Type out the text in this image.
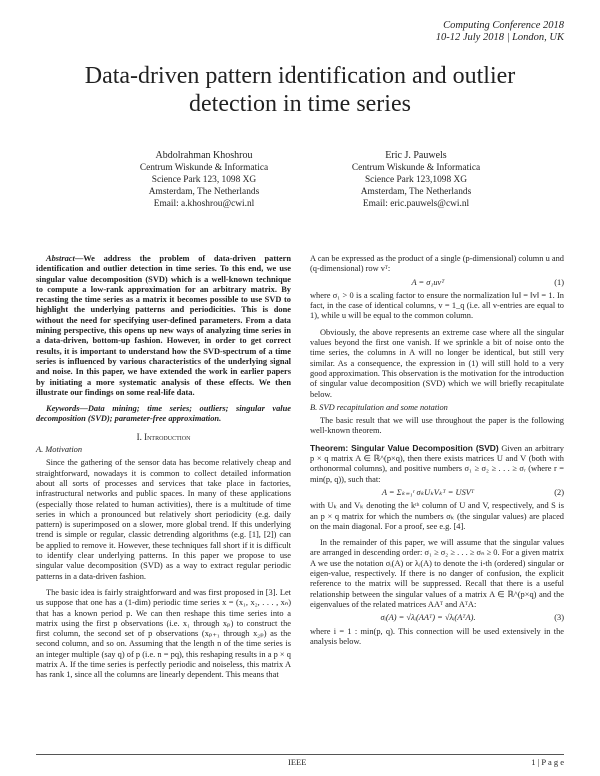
Computing Conference 2018
10-12 July 2018 | London, UK
Data-driven pattern identification and outlier
detection in time series
Abdolrahman Khoshrou
Centrum Wiskunde & Informatica
Science Park 123, 1098 XG
Amsterdam, The Netherlands
Email: a.khoshrou@cwi.nl
Eric J. Pauwels
Centrum Wiskunde & Informatica
Science Park 123,1098 XG
Amsterdam, The Netherlands
Email: eric.pauwels@cwi.nl

Abstract—We address the problem of data-driven pattern identification and outlier detection in time series. To this end, we use singular value decomposition (SVD) which is a well-known technique to compute a low-rank approximation for an arbitrary matrix. By recasting the time series as a matrix it becomes possible to use SVD to highlight the underlying patterns and periodicities. This is done without the need for specifying user-defined parameters. From a data mining perspective, this opens up new ways of analyzing time series in a data-driven, bottom-up fashion. However, in order to get correct results, it is important to understand how the SVD-spectrum of a time series is influenced by various characteristics of the underlying signal and noise. In this paper, we have extended the work in earlier papers by initiating a more systematic analysis of these effects. We then illustrate our findings on some real-life data.

Keywords—Data mining; time series; outliers; singular value decomposition (SVD); parameter-free approximation.

I. Introduction

A. Motivation

Since the gathering of the sensor data has become relatively cheap and straightforward, nowadays it is common to collect detailed information about all sorts of processes and services that take place in factories, infrastructural networks and public spaces. In many of these applications (especially those related to human activities), there is a multitude of time series in which a pronounced but relatively short periodicity (e.g. daily pattern) is superimposed on a slower, more global trend. If this underlying trend is simple or regular, classic detrending algorithms (e.g. [1], [2]) can be applied to remove it. However, these techniques fall short if it is difficult to identify clear underlying patterns. In this paper we propose to use singular value decomposition (SVD) as a way to extract regular periodic patterns in a data-driven fashion.

The basic idea is fairly straightforward and was first proposed in [3]. Let us suppose that one has a (1-dim) periodic time series x = (x₁, x₂, . . . , xₙ) that has a known period p. We can then reshape this time series into a matrix using the first p observations (i.e. x₁ through xₚ) to construct the first column, the second set of p observations (xₚ₊₁ through x₂ₚ) as the second column, and so on. Assuming that the length n of the time series is an integer multiple (say q) of p (i.e. n = pq), this reshaping results in a p × q matrix A. If the time series is perfectly periodic and noiseless, this matrix A has rank 1, since all the columns are linearly dependent. This means that

A can be expressed as the product of a single (p-dimensional) column u and (q-dimensional) row vᵀ:

A = σ₁uvᵀ	(1)

where σ₁ > 0 is a scaling factor to ensure the normalization ‖u‖ = ‖v‖ = 1. In fact, in the case of identical columns, v = 1_q (i.e. all v-entries are equal to 1), while u will be equal to the common column.

Obviously, the above represents an extreme case where all the singular values beyond the first one vanish. If we sprinkle a bit of noise onto the time series, the columns in A will no longer be identical, but still very similar. As a consequence, the expression in (1) will still hold to a very good approximation. This observation is the motivation for the introduction of singular value decomposition (SVD) which we will briefly recapitulate below.

B. SVD recapitulation and some notation

The basic result that we will use throughout the paper is the following well-known theorem.

Theorem: Singular Value Decomposition (SVD) Given an arbitrary p × q matrix A ∈ ℝ^(p×q), then there exists matrices U and V (both with orthonormal columns), and positive numbers σ₁ ≥ σ₂ ≥ . . . ≥ σᵣ (where r = min(p, q)), such that:

A = Σₖ₌₁ʳ σₖUₖVₖᵀ = USVᵀ	(2)

with Uₖ and Vₖ denoting the kᵗʰ column of U and V, respectively, and S is an p × q matrix for which the numbers σₖ (the singular values) are placed on the main diagonal. For a proof, see e.g. [4].

In the remainder of this paper, we will assume that the singular values are arranged in descending order: σ₁ ≥ σ₂ ≥ . . . ≥ σₙ ≥ 0. For a given matrix A we use the notation σᵢ(A) or λᵢ(A) to denote the i-th (ordered) singular or eigen-value, respectively. If there is no danger of confusion, the explicit reference to the matrix will be suppressed. Recall that there is a useful relationship between the singular values of a matrix A ∈ ℝ^(p×q) and the eigenvalues of the related matrices AAᵀ and AᵀA:

σᵢ(A) = √λᵢ(AAᵀ) = √λᵢ(AᵀA).	(3)

where i = 1 : min(p, q). This connection will be used extensively in the analysis below.

IEEE	1 | P a g e
